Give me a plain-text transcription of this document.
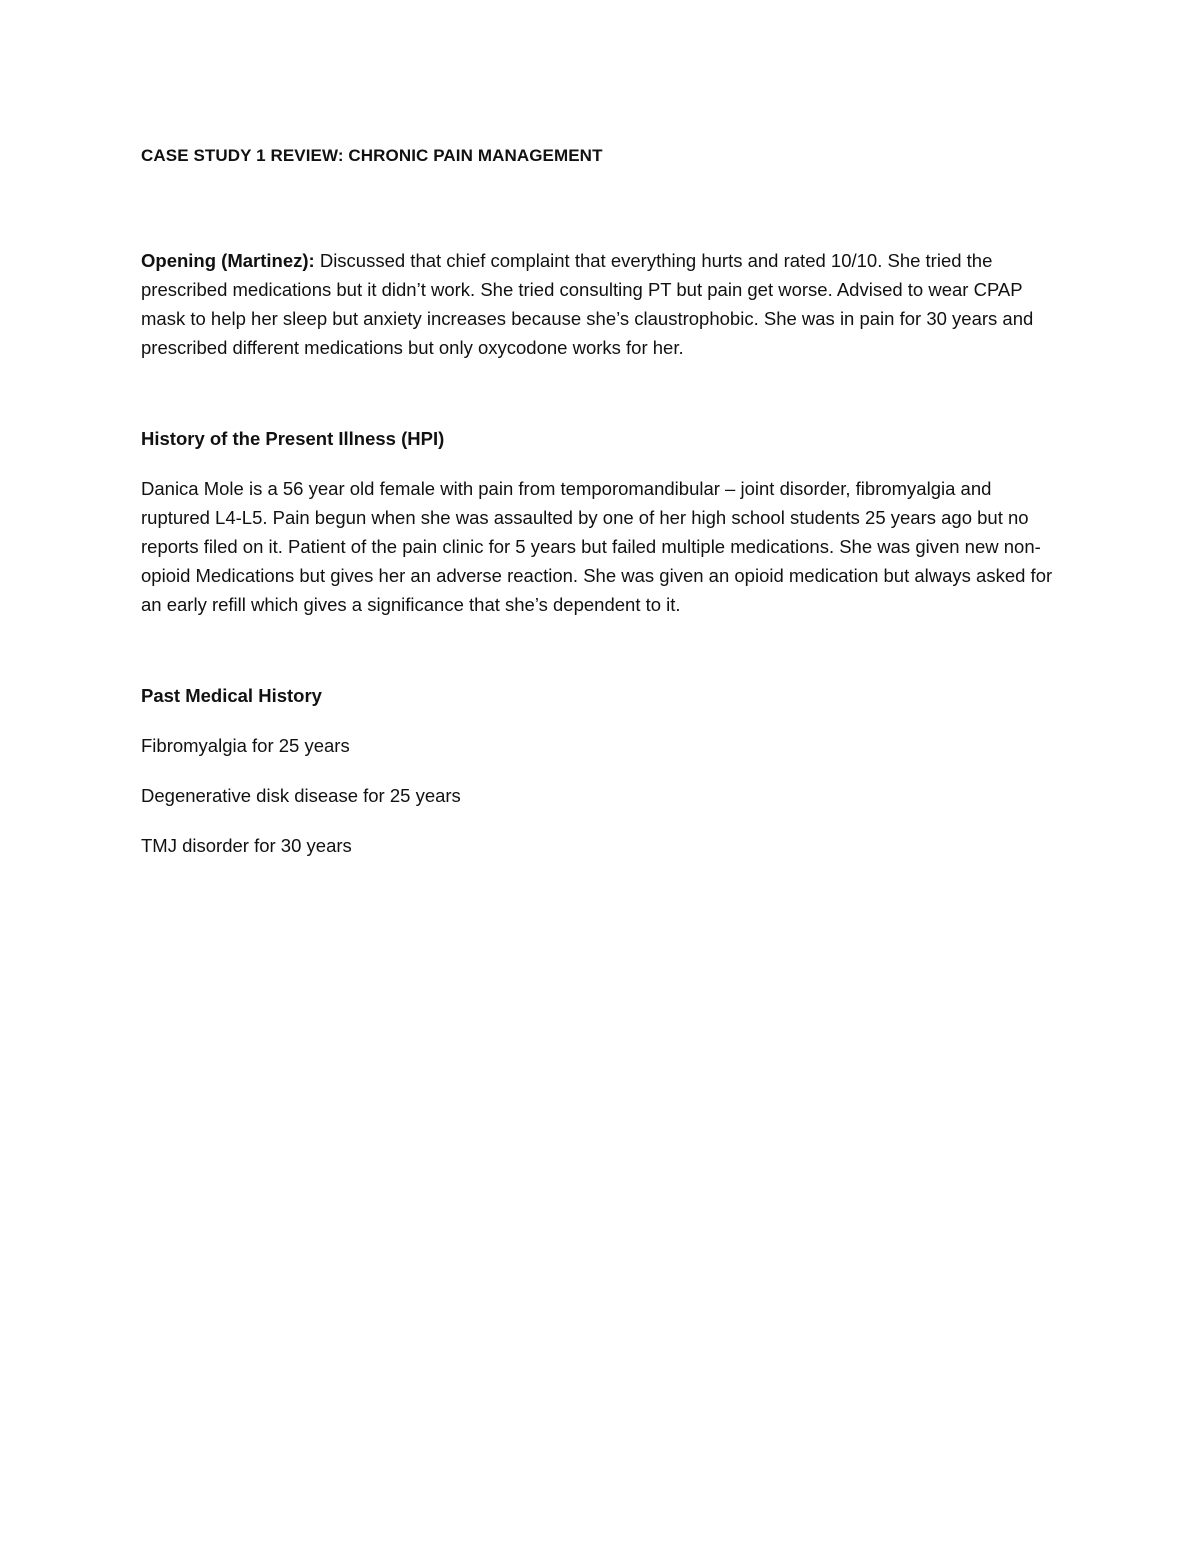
CASE STUDY 1 REVIEW: CHRONIC PAIN MANAGEMENT

Opening (Martinez): Discussed that chief complaint that everything hurts and rated 10/10. She tried the prescribed medications but it didn’t work. She tried consulting PT but pain get worse. Advised to wear CPAP mask to help her sleep but anxiety increases because she’s claustrophobic. She was in pain for 30 years and prescribed different medications but only oxycodone works for her.

History of the Present Illness (HPI)

Danica Mole is a 56 year old female with pain from temporomandibular – joint disorder, fibromyalgia and ruptured L4-L5. Pain begun when she was assaulted by one of her high school students 25 years ago but no reports filed on it. Patient of the pain clinic for 5 years but failed multiple medications. She was given new non-opioid Medications but gives her an adverse reaction. She was given an opioid medication but always asked for an early refill which gives a significance that she’s dependent to it.

Past Medical History
Fibromyalgia for 25 years
Degenerative disk disease for 25 years
TMJ disorder for 30 years
